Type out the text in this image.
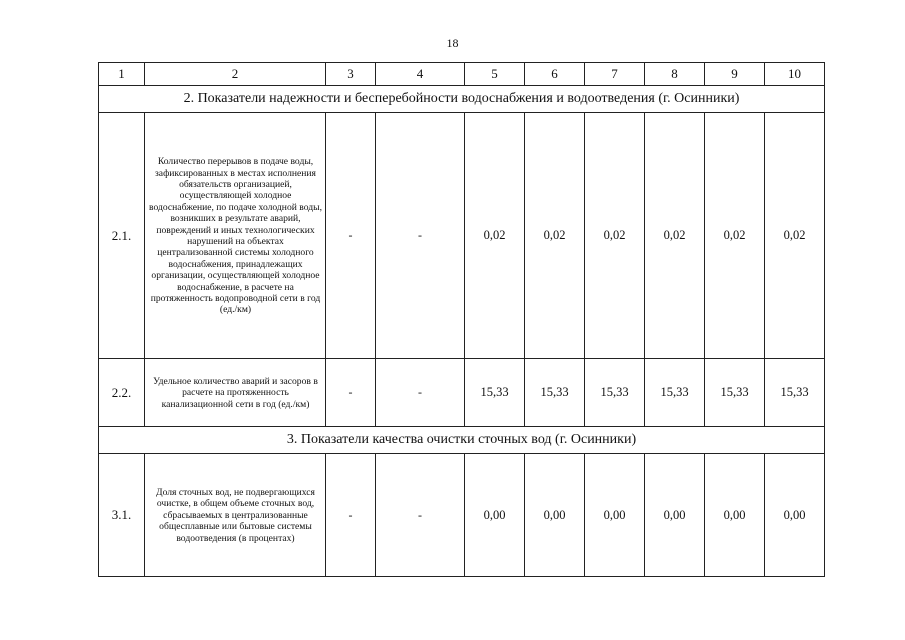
18
1	2	3	4	5	6	7	8	9	10
2. Показатели надежности и бесперебойности водоснабжения и водоотведения (г. Осинники)									
2.1.	Количество перерывов в подаче воды, зафиксированных в местах исполнения обязательств организацией, осуществляющей холодное водоснабжение, по подаче холодной воды, возникших в результате аварий, повреждений и иных технологических нарушений на объектах централизованной системы холодного водоснабжения, принадлежащих организации, осуществляющей холодное водоснабжение, в расчете на протяженность водопроводной сети в год (ед./км)	-	-	0,02	0,02	0,02	0,02	0,02	0,02
2.2.	Удельное количество аварий и засоров в расчете на протяженность канализационной сети в год (ед./км)	-	-	15,33	15,33	15,33	15,33	15,33	15,33
3. Показатели качества очистки сточных вод (г. Осинники)									
3.1.	Доля сточных вод, не подвергающихся очистке, в общем объеме сточных вод, сбрасываемых в централизованные общесплавные или бытовые системы водоотведения (в процентах)	-	-	0,00	0,00	0,00	0,00	0,00	0,00
